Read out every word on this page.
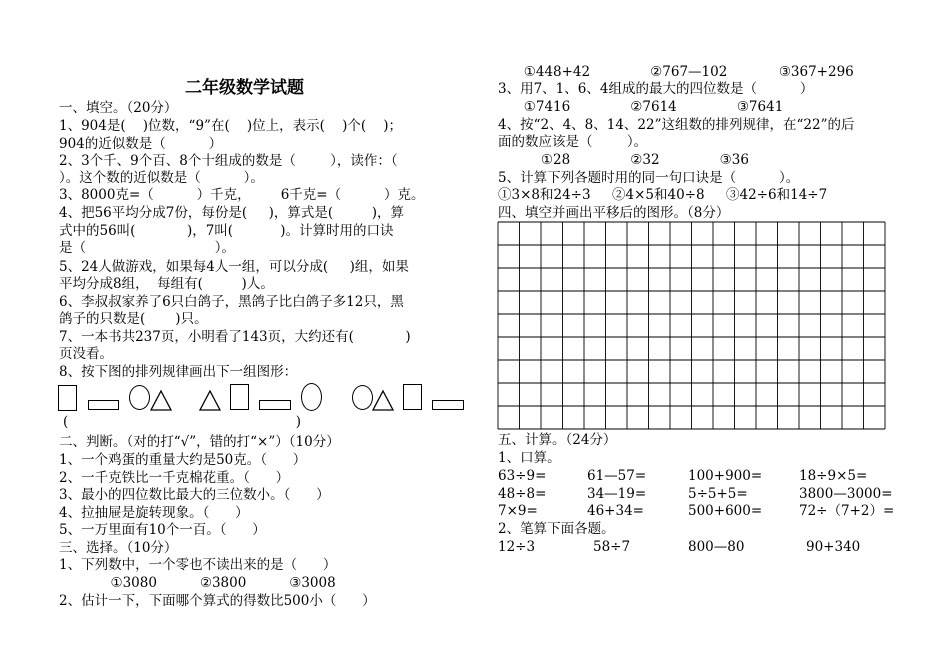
二年级数学试题
一、填空。（20分）
1、904是(    )位数，“9”在(    )位上，表示(    )个(    )；
904的近似数是（          ）
2、3个千、9个百、8个十组成的数是（        ），读作：（
）。这个数的近似数是（          ）。
3、8000克=（          ）千克，       6千克=（          ）克。
4、把56平均分成7份，每份是(     )，算式是(         )，算
式中的56叫(            )，7叫(           )。计算时用的口诀
是（                              ）。
5、24人做游戏，如果每4人一组，可以分成(     )组，如果
平均分成8组，  每组有(         )人。
6、李叔叔家养了6只白鸽子，黑鸽子比白鸽子多12只，黑
鸽子的只数是(       )只。
7、一本书共237页，小明看了143页，大约还有(            )
页没看。
8、按下图的排列规律画出下一组图形：
(                                                     )
二、判断。（对的打“√”，错的打“×”）（10分）
1、一个鸡蛋的重量大约是50克。（      ）
2、一千克铁比一千克棉花重。（      ）
3、最小的四位数比最大的三位数小。（      ）
4、拉抽屉是旋转现象。（      ）
5、一万里面有10个一百。（      ）
三、选择。（10分）
1、下列数中，一个零也不读出来的是（      ）
①3080          ②3800          ③3008
2、估计一下，下面哪个算式的得数比500小（      ）
①448+42              ②767—102            ③367+296
3、用7、1、6、4组成的最大的四位数是（          ）
①7416              ②7614              ③7641
4、按“2、4、8、14、22”这组数的排列规律，在“22”的后
面的数应该是（        ）。
①28              ②32              ③36
5、计算下列各题时用的同一句口诀是（          ）。
①3×8和24÷3     ②4×5和40÷8     ③42÷6和14÷7
四、填空并画出平移后的图形。（8分）
五、计算。（24分）
1、口算。
63÷9=	61—57=	100+900=	18÷9×5=
48÷8=	34—19=	5÷5+5=	3800—3000=
7×9=	46+34=	500+600=	72÷（7+2）=
2、笔算下面各题。
12÷3	58÷7	800—80	90+340
